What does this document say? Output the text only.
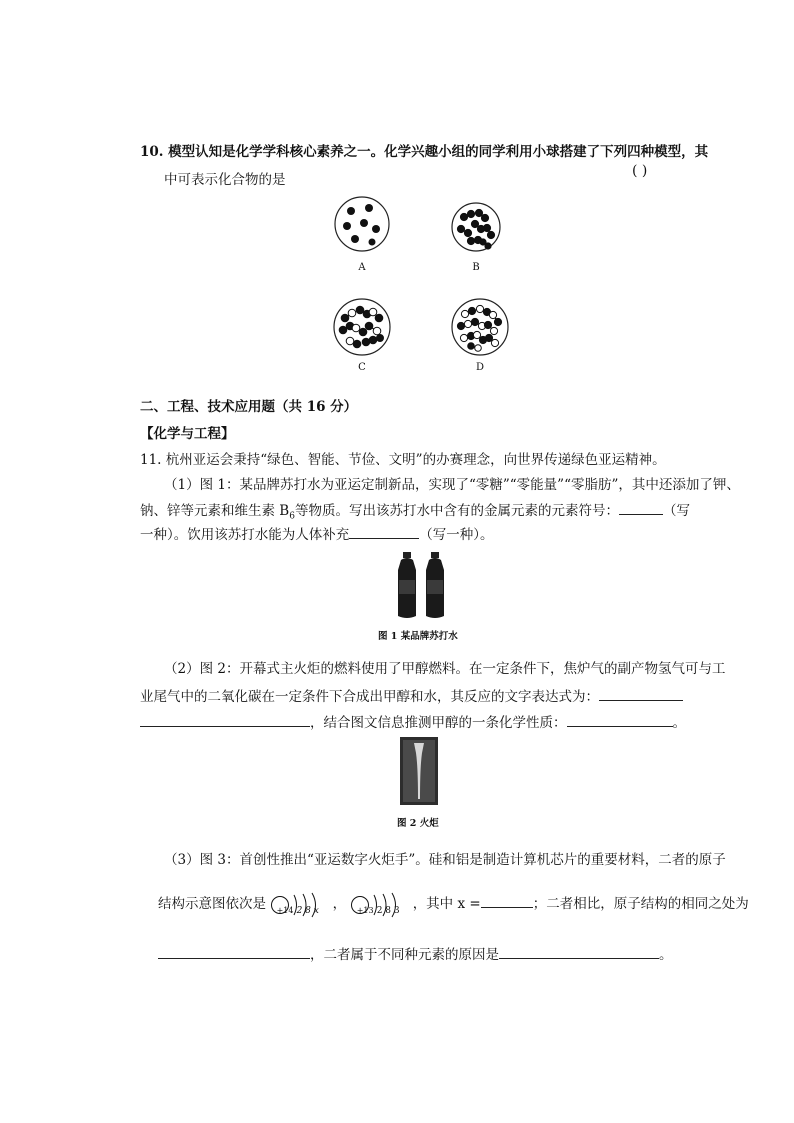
10. 模型认知是化学学科核心素养之一。化学兴趣小组的同学利用小球搭建了下列四种模型，其
中可表示化合物的是
( )
A	B
C	D
二、工程、技术应用题（共 16 分）
【化学与工程】
11. 杭州亚运会秉持“绿色、智能、节俭、文明”的办赛理念，向世界传递绿色亚运精神。
（1）图 1：某品牌苏打水为亚运定制新品，实现了“零糖”“零能量”“零脂肪”，其中还添加了钾、
钠、锌等元素和维生素 $B_6$等物质。写出该苏打水中含有的金属元素的元素符号：	（写
一种）。饮用该苏打水能为人体补充	（写一种）。
图 1 某品牌苏打水
（2）图 2：开幕式主火炬的燃料使用了甲醇燃料。在一定条件下，焦炉气的副产物氢气可与工
业尾气中的二氧化碳在一定条件下合成出甲醇和水，其反应的文字表达式为：
，结合图文信息推测甲醇的一条化学性质：	。
图 2 火炬
（3）图 3：首创性推出“亚运数字火炬手”。硅和铝是制造计算机芯片的重要材料，二者的原子
结构示意图依次是 +14 2 8 x ， +13 2 8 3 ，其中 x =	；二者相比，原子结构的相同之处为
，二者属于不同种元素的原因是	。
